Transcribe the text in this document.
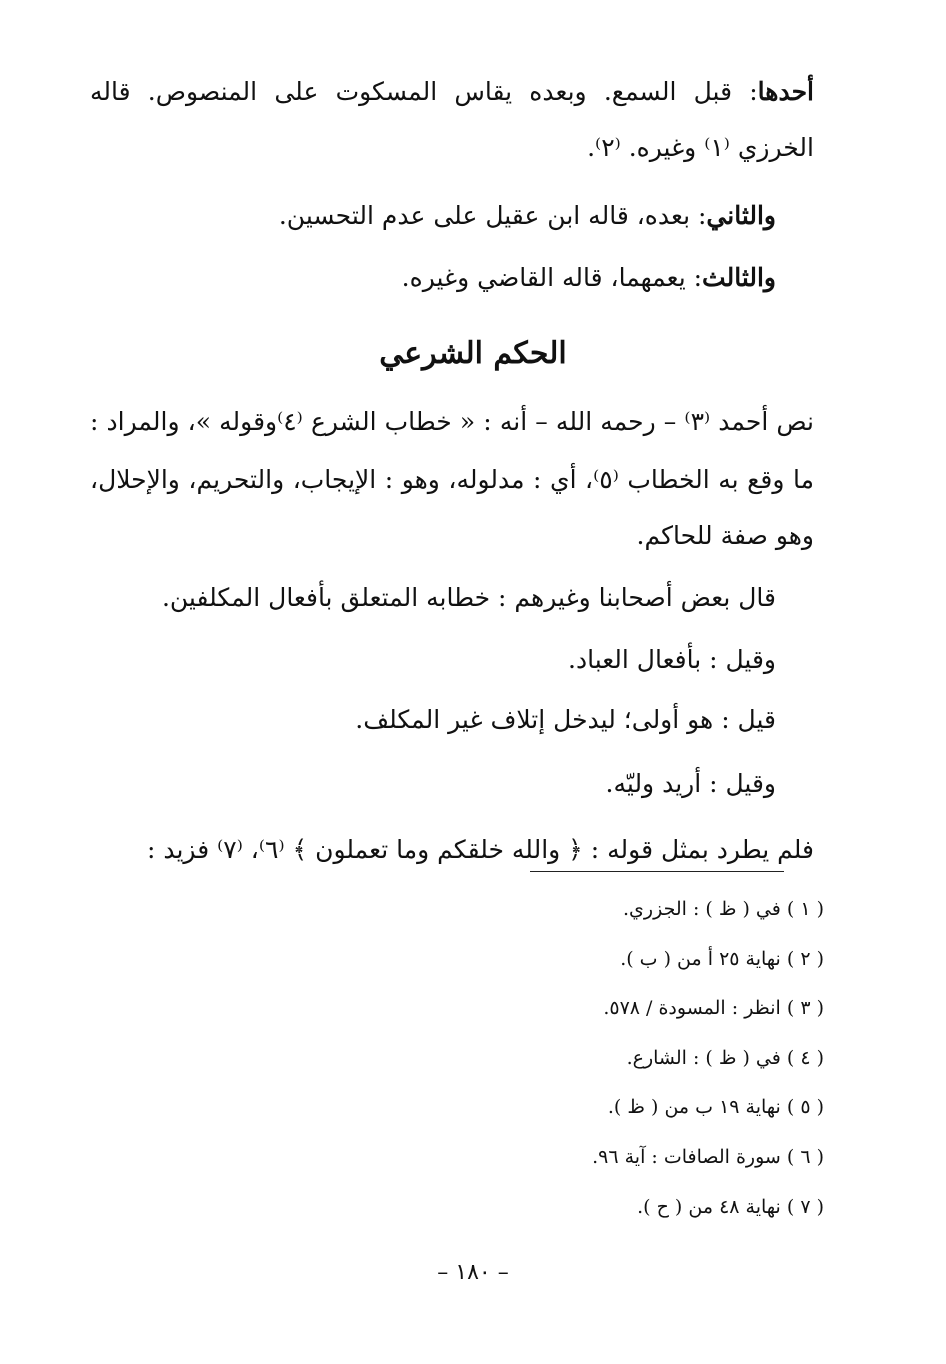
أحدها: قبل السمع. وبعده يقاس المسكوت على المنصوص. قاله

الخرزي ⁽١⁾ وغيره. ⁽٢⁾.

والثاني: بعده، قاله ابن عقيل على عدم التحسين.

والثالث: يعمهما، قاله القاضي وغيره.

الحكم الشرعي

نص أحمد ⁽٣⁾ – رحمه الله – أنه : « خطاب الشرع ⁽٤⁾وقوله »، والمراد :

ما وقع به الخطاب ⁽٥⁾، أي : مدلوله، وهو : الإيجاب، والتحريم، والإحلال،

وهو صفة للحاكم.

قال بعض أصحابنا وغيرهم : خطابه المتعلق بأفعال المكلفين.

وقيل : بأفعال العباد.

قيل : هو أولى؛ ليدخل إتلاف غير المكلف.

وقيل : أريد وليّه.

فلم يطرد بمثل قوله : ﴿ والله خلقكم وما تعملون ﴾ ⁽٦⁾، ⁽٧⁾ فزيد :

( ١ ) في ( ظ ) : الجزري.

( ٢ ) نهاية ٢٥ أ من ( ب ).

( ٣ ) انظر : المسودة / ٥٧٨.

( ٤ ) في ( ظ ) : الشارع.

( ٥ ) نهاية ١٩ ب من ( ظ ).

( ٦ ) سورة الصافات : آية ٩٦.

( ٧ ) نهاية ٤٨ من ( ح ).

– ١٨٠ –
